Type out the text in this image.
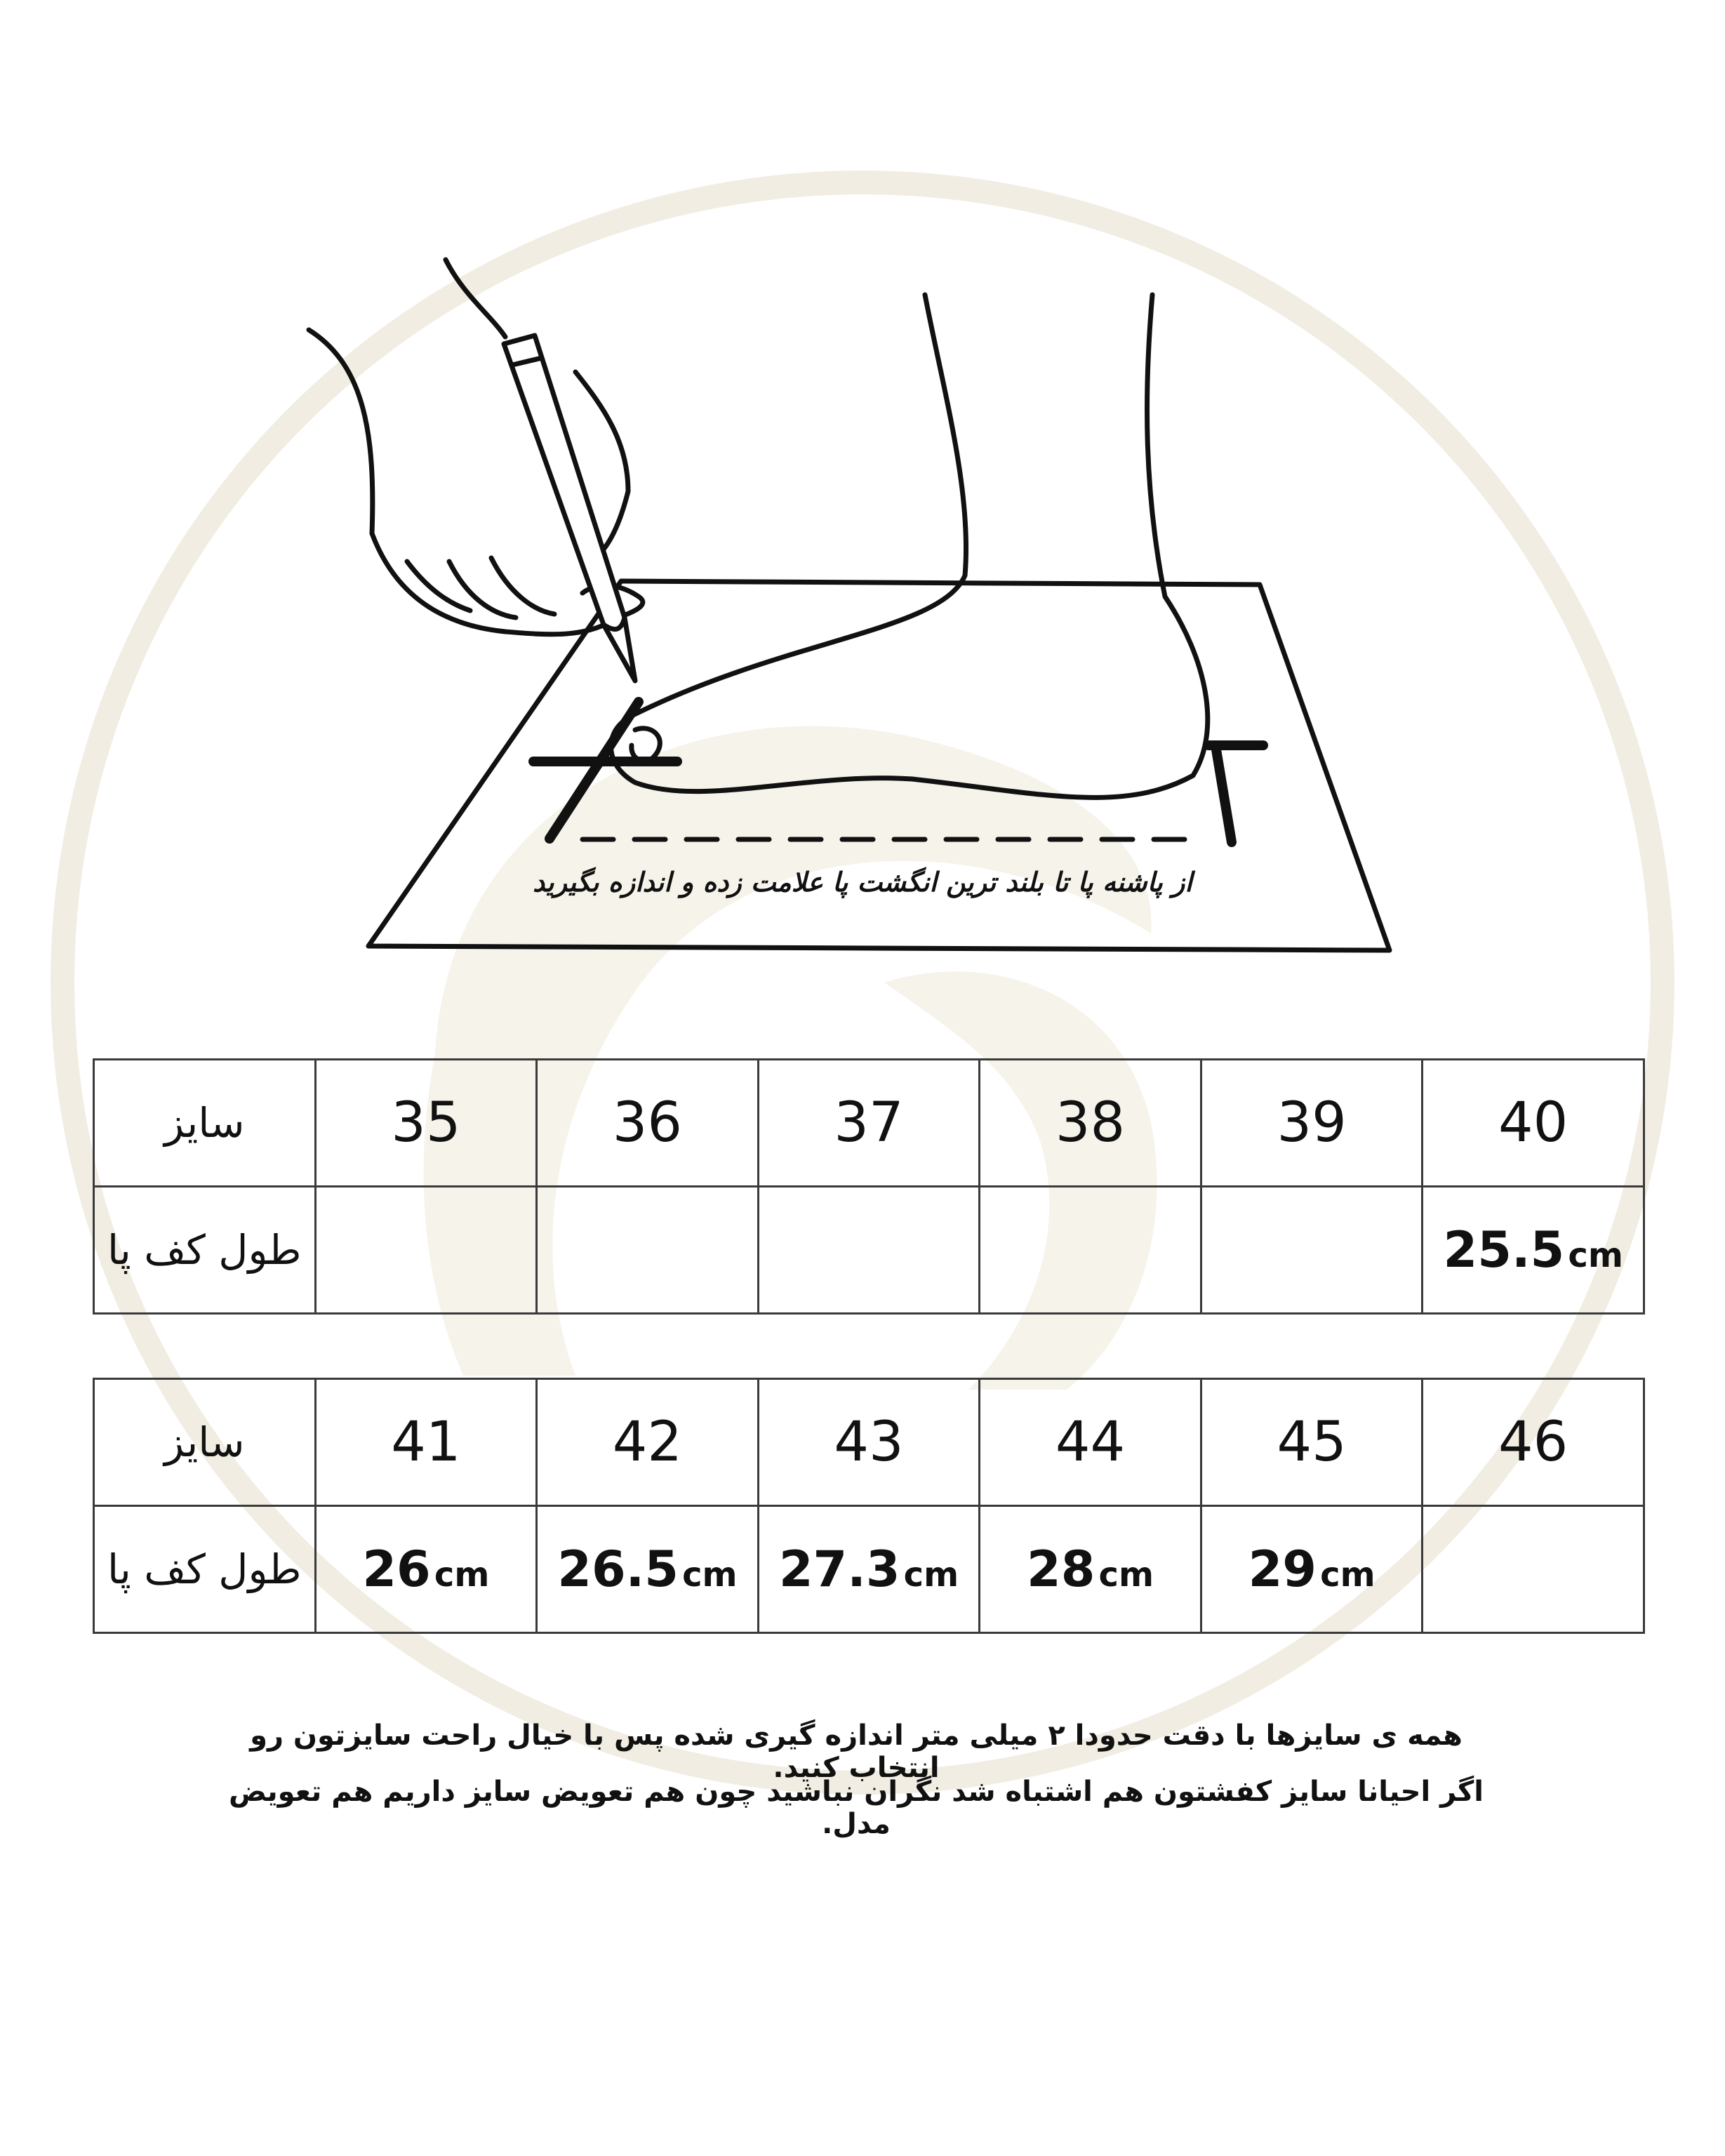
از پاشنه پا تا بلند ترین انگشت پا علامت زده و اندازه بگیرید

سایز	35	36	37	38	39	40
طول کف پا						25.5 cm
سایز	41	42	43	44	45	46
طول کف پا	26 cm	26.5 cm	27.3 cm	28 cm	29 cm	

همه ی سایزها با دقت حدودا ۲ میلی متر اندازه گیری شده پس با خیال راحت سایزتون رو انتخاب کنید.

اگر احیانا سایز کفشتون هم اشتباه شد نگران نباشید چون هم تعویض سایز داریم هم تعویض مدل.
